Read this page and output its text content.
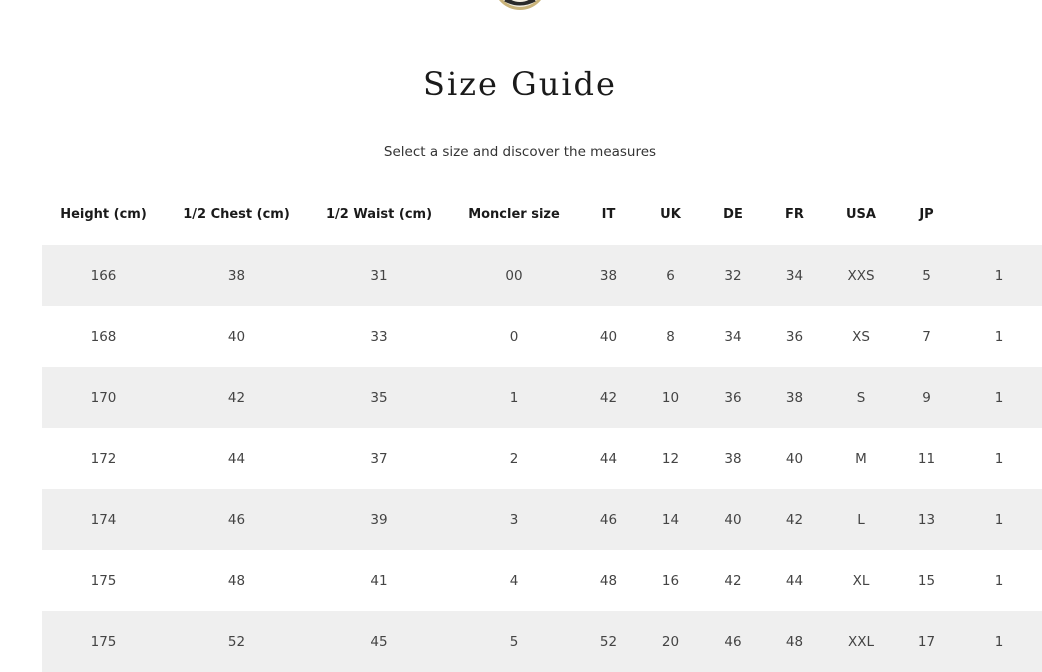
Size Guide

Select a size and discover the measures

Height (cm)	1/2 Chest (cm)	1/2 Waist (cm)	Moncler size	IT	UK	DE	FR	USA	JP	
166	38	31	00	38	6	32	34	XXS	5	1
168	40	33	0	40	8	34	36	XS	7	1
170	42	35	1	42	10	36	38	S	9	1
172	44	37	2	44	12	38	40	M	11	1
174	46	39	3	46	14	40	42	L	13	1
175	48	41	4	48	16	42	44	XL	15	1
175	52	45	5	52	20	46	48	XXL	17	1
